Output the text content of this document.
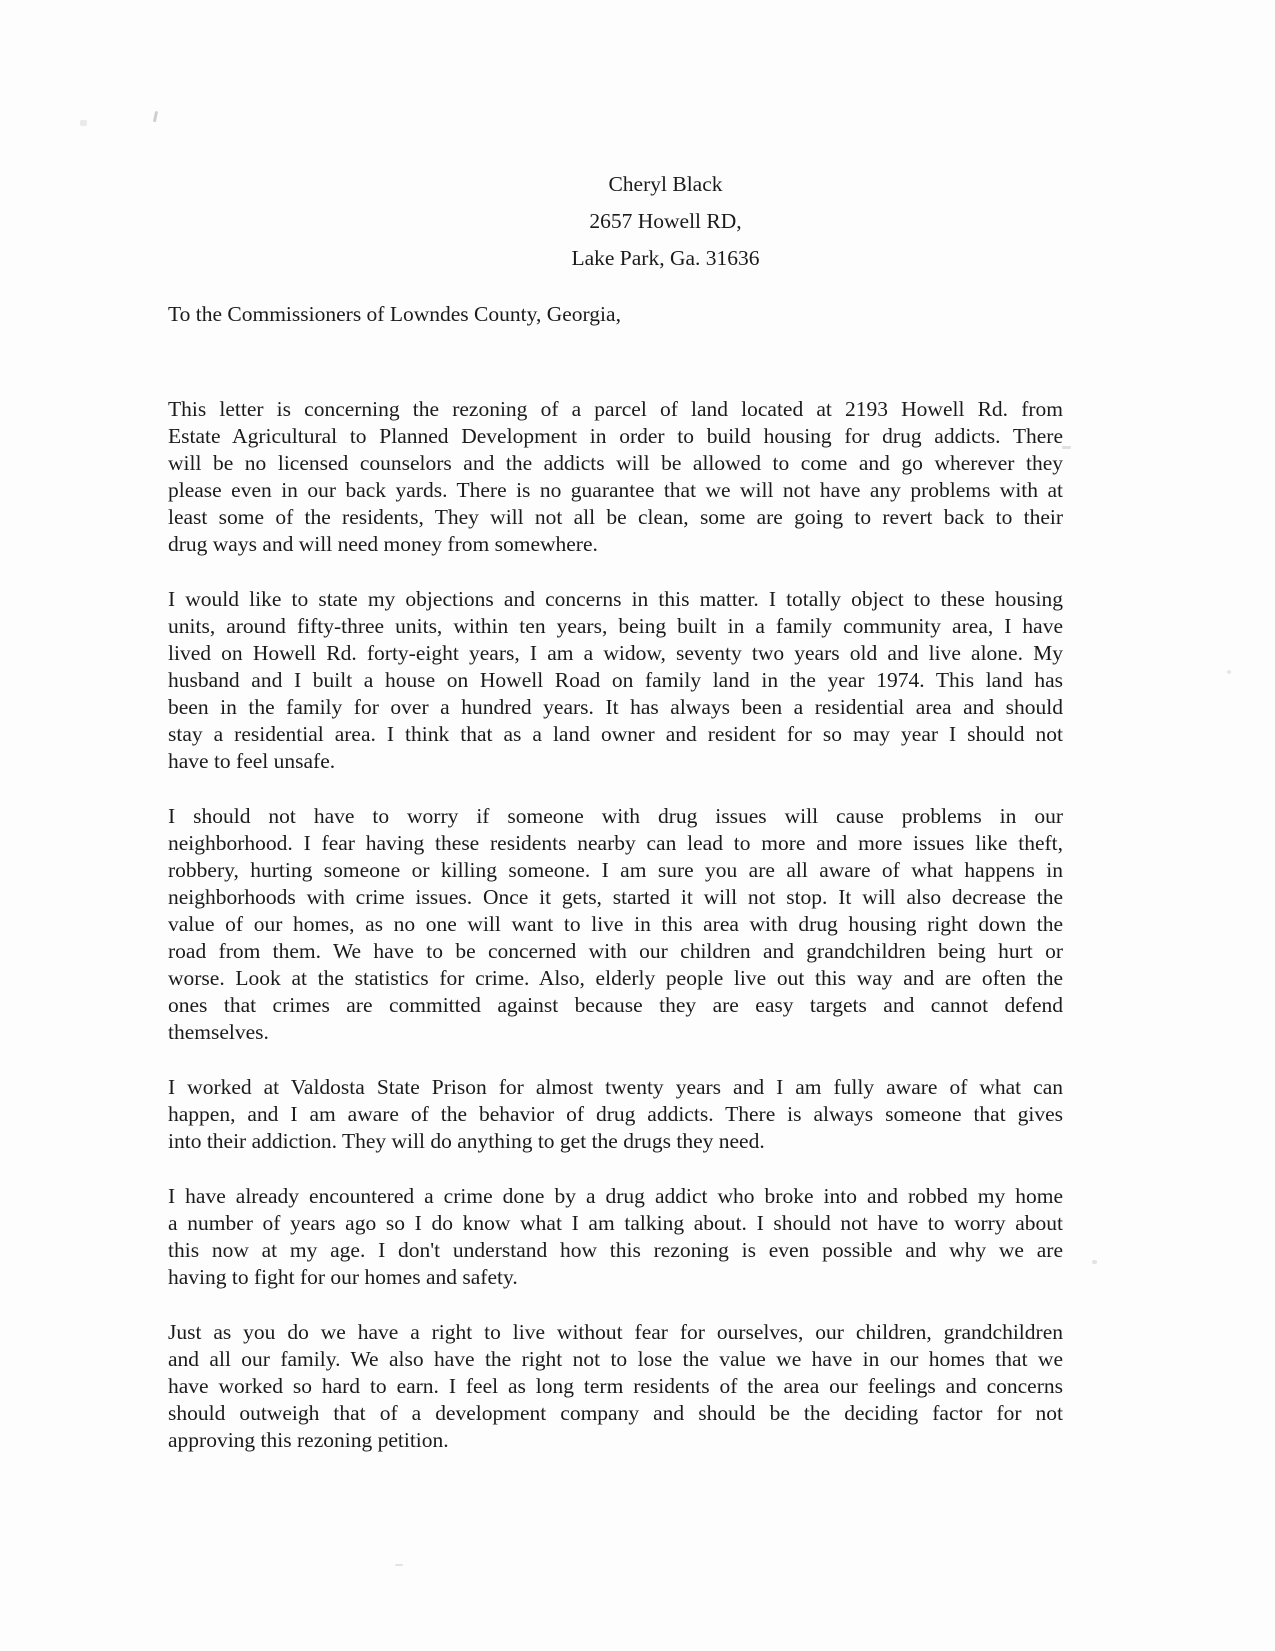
Cheryl Black
2657 Howell RD,
Lake Park, Ga. 31636
To the Commissioners of Lowndes County, Georgia,
This letter is concerning the rezoning of a parcel of land located at 2193 Howell Rd. from
Estate Agricultural to Planned Development in order to build housing for drug addicts. There
will be no licensed counselors and the addicts will be allowed to come and go wherever they
please even in our back yards. There is no guarantee that we will not have any problems with at
least some of the residents, They will not all be clean, some are going to revert back to their
drug ways and will need money from somewhere.
I would like to state my objections and concerns in this matter. I totally object to these housing
units, around fifty-three units, within ten years, being built in a family community area, I have
lived on Howell Rd. forty-eight years, I am a widow, seventy two years old and live alone. My
husband and I built a house on Howell Road on family land in the year 1974. This land has
been in the family for over a hundred years. It has always been a residential area and should
stay a residential area. I think that as a land owner and resident for so may year I should not
have to feel unsafe.
I should not have to worry if someone with drug issues will cause problems in our
neighborhood. I fear having these residents nearby can lead to more and more issues like theft,
robbery, hurting someone or killing someone. I am sure you are all aware of what happens in
neighborhoods with crime issues. Once it gets, started it will not stop. It will also decrease the
value of our homes, as no one will want to live in this area with drug housing right down the
road from them. We have to be concerned with our children and grandchildren being hurt or
worse. Look at the statistics for crime. Also, elderly people live out this way and are often the
ones that crimes are committed against because they are easy targets and cannot defend
themselves.
I worked at Valdosta State Prison for almost twenty years and I am fully aware of what can
happen, and I am aware of the behavior of drug addicts. There is always someone that gives
into their addiction. They will do anything to get the drugs they need.
I have already encountered a crime done by a drug addict who broke into and robbed my home
a number of years ago so I do know what I am talking about. I should not have to worry about
this now at my age. I don't understand how this rezoning is even possible and why we are
having to fight for our homes and safety.
Just as you do we have a right to live without fear for ourselves, our children, grandchildren
and all our family. We also have the right not to lose the value we have in our homes that we
have worked so hard to earn. I feel as long term residents of the area our feelings and concerns
should outweigh that of a development company and should be the deciding factor for not
approving this rezoning petition.
